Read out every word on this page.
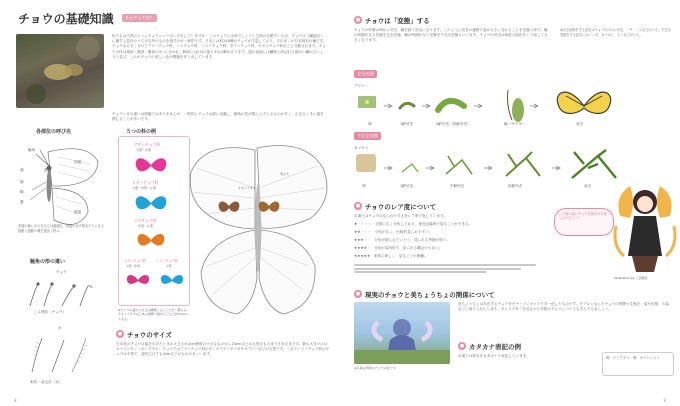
チョウの基礎知識	チョウって何？
私たちは当然のようにチョウという言い方をしていますが、このチョウとは何でしょう？生物の分類でいえば、チョウ目（鱗翅目）に属する昆虫のうちガ以外のものを指すのが一般的です。日本には約240種のチョウが生息しており、その多くが日本固有の種です。チョウは大きく分けてアゲハチョウ科、シロチョウ科、シジミチョウ科、タテハチョウ科、セセリチョウ科などに分類されます。チョウの体は頭部・胸部・腹部の3つに分かれ、胸部には2対の翅と3対の脚があります。翅の表面には鱗粉と呼ばれる細かい鱗がびっしりと並び、これがチョウの美しい色や模様を作り出しています。
チョウとガの違いは明確ではありませんが、一般的にチョウは昼に活動し、触角の先が膨らんでいるものが多く、止まるときに翅を閉じることが多いです。
各部位の呼び名
前翅
後翅
触角
頭
胸
腹
複眼
脚
前翅の縁にある毛などは翅縁毛、前翅の付け根あたりにある翅脈と翅脈の間を翅室と呼ぶ。
触角の形の違い
チョウ
こん棒状（チョウ）
ガ
糸状・羽毛状（ガ）
５つの科の例
アゲハチョウ科
大型〜中型
タテハチョウ科
大型〜中型〜小型
シロチョウ科
中型〜小型
セセリチョウ科
小型〜中型
シジミチョウ科
小型
※チョウの翅の大きさは種類によって大きく異なる。オオムラサキは日本の国蝶で翅を広げると約10cmにもなる。
オオムラサキ
実寸大
● チョウのサイズ
日本産のチョウは翅を広げたときの大きさが2cm程度の小さなものから15cmほどの大型のものまでさまざまです。最も大きいのはヨナグニサン（ガ）ですが、チョウではアゲハチョウ科のモンキアゲハやナガサキアゲハなどが大型です。一方でシジミチョウ科のチョウは小型で、翅を広げても2cmほどのものが多くいます。
8
● チョウは「変態」する
チョウの仲間は卵から幼虫、蛹を経て成虫になります。このように成長の過程で姿が大きく変わることを変態と呼び、蛹の時期がある変態を完全変態、蛹の時期がない変態を不完全変態といいます。チョウの幼虫は何度も脱皮をくり返して大きくなります。
※完全変態をする昆虫はチョウのほかに甲虫、ハチ、ハエなどがいる。不完全変態をする昆虫にはバッタ、カマキリ、セミなどがいる。
完全変態
アゲハ
卵	1齢幼虫	5齢幼虫（終齢幼虫）	蛹（サナギ）	成虫
不完全変態
カマキリ
卵	1齢幼虫	中齢幼虫	終齢幼虫	成虫
● チョウのレア度について
本書ではチョウの見られやすさをレア度で表しています。
★・・・・　全国に広く分布しており、身近な場所で見ることができる。
★★・・・　分布が広く、比較的見られやすい。
★★★・・　分布が限られていたり、見られる季節が短い。
★★★★・　分布が局所的で、見られる機会が少ない。
★★★★★　非常に珍しく、見ることが困難。
レア度の高いチョウを探すのも楽しみのひとつ！
Illustration by 三雲鏡花
● 現実のチョウと美ちょうちょの関係について
※写真は実際のチョウの姿です。
美ちょうちょは実在するチョウをモチーフにキャラクター化したものです。モデルとなったチョウの特徴や生態を、姿や性格、衣装などに取り入れています。キャラクターを見ながら実際のチョウについても学んでみましょう。
● カタカナ表記の例
本書では和名をカタカナで表記しています。	例：ナミアゲハ　例：ヤマトシジミ
9
